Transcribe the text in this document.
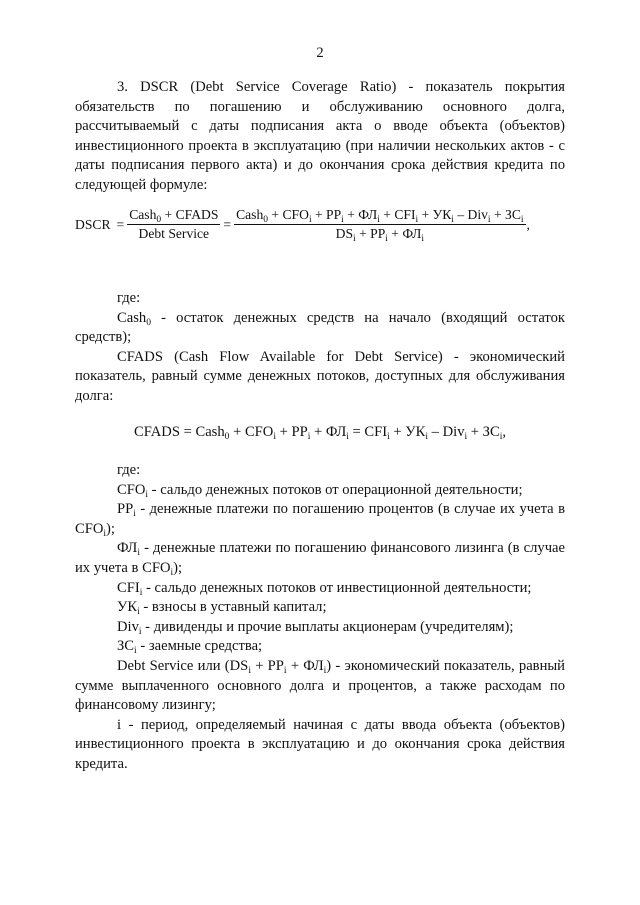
2

3. DSCR (Debt Service Coverage Ratio) - показатель покрытия обязательств по погашению и обслуживанию основного долга, рассчитываемый с даты подписания акта о вводе объекта (объектов) инвестиционного проекта в эксплуатацию (при наличии нескольких актов - с даты подписания первого акта) и до окончания срока действия кредита по следующей формуле:

DSCR = $\frac{Cash_0 + CFADS}{\text{Debt Service}} = \frac{Cash_0 + CFO_i + PP_i + ФЛ_i + CFI_i + УК_i - Div_i + ЗС_i}{DS_i + PP_i + ФЛ_i}$ ,

где:

Cash$_0$ - остаток денежных средств на начало (входящий остаток средств);

CFADS (Cash Flow Available for Debt Service) - экономический показатель, равный сумме денежных потоков, доступных для обслуживания долга:

CFADS = Cash$_0$ + $CFO_i + PP_i + ФЛ_i = CFI_i + УК_i - Div_i + ЗС_i$,

где:

$CFO_i$ - сальдо денежных потоков от операционной деятельности;

$PP_i$ - денежные платежи по погашению процентов (в случае их учета в $CFO_i$);

$ФЛ_i$ - денежные платежи по погашению финансового лизинга (в случае их учета в $CFO_i$);

$CFI_i$ - сальдо денежных потоков от инвестиционной деятельности;

$УК_i$ - взносы в уставный капитал;

Div$_i$ - дивиденды и прочие выплаты акционерам (учредителям);

$ЗС_i$ - заемные средства;

Debt Service или $(DS_i + PP_i + ФЛ_i)$ - экономический показатель, равный сумме выплаченного основного долга и процентов, а также расходам по финансовому лизингу;

i - период, определяемый начиная с даты ввода объекта (объектов) инвестиционного проекта в эксплуатацию и до окончания срока действия кредита.
